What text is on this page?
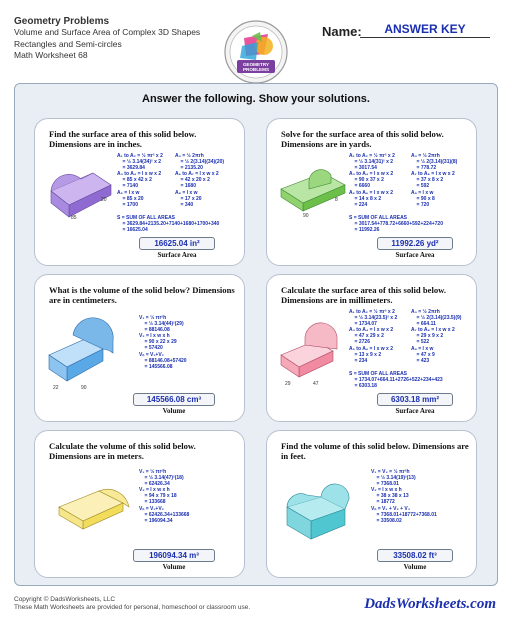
Geometry Problems
Volume and Surface Area of Complex 3D Shapes
Rectangles and Semi-circles
Math Worksheet 68
GEOMETRY
PROBLEMS
Name:	ANSWER KEY
Answer the following. Show your solutions.
Find the surface area of this solid below. Dimensions are in inches.
85
20
A₁ to A₂ = ½ πr² x 2
= ½ 3.14(34)² x 2
= 3629.84
A₃ to A₄ = l x w x 2
= 85 x 42 x 2
= 7140
A₅ = l x w
= 85 x 20
= 1700
A₃ = ½ 2πrh
= ½ 2(3.14)(34)(20)
= 2135.20
A₆ to A₇ = l x w x 2
= 42 x 20 x 2
= 1680
A₈ = l x w
= 17 x 20
= 340
S = SUM OF ALL AREAS
= 3629.84+2135.20+7140+1680+1700+340
= 16625.04
16625.04 in²
Surface Area
Solve for the surface area of this solid below. Dimensions are in yards.
90
8
A₁ to A₂ = ½ πr² x 2
= ½ 3.14(31)² x 2
= 3017.54
A₃ to A₄ = l x w x 2
= 90 x 37 x 2
= 6660
A₅ to A₆ = l x w x 2
= 14 x 8 x 2
= 224
A₃ = ½ 2πrh
= ½ 2(3.14)(31)(8)
= 778.72
A₇ to A₈ = l x w x 2
= 37 x 8 x 2
= 592
A₉ = l x w
= 90 x 8
= 720
S = SUM OF ALL AREAS
= 3017.54+778.72+6660+592+224+720
= 11992.26
11992.26 yd²
Surface Area
What is the volume of the solid below? Dimensions are in centimeters.
22	90
V₁ = ½ πr²h
= ½ 3.14(44)²(29)
= 88146.08
V₂ = l x w x h
= 90 x 22 x 29
= 57420
Vₙ = V₁+V₂
= 88146.08+57420
= 145566.08
145566.08 cm³
Volume
Calculate the surface area of this solid below. Dimensions are in millimeters.
29	47
A₁ to A₂ = ½ πr² x 2
= ½ 3.14(23.5)² x 2
= 1734.07
A₃ to A₄ = l x w x 2
= 47 x 29 x 2
= 2726
A₅ to A₆ = l x w x 2
= 13 x 9 x 2
= 234
A₃ = ½ 2πrh
= ½ 2(3.14)(23.5)(9)
= 664.11
A₇ to A₈ = l x w x 2
= 29 x 9 x 2
= 522
A₉ = l x w
= 47 x 9
= 423
S = SUM OF ALL AREAS
= 1734.07+664.11+2726+522+234+423
= 6303.18
6303.18 mm²
Surface Area
Calculate the volume of this solid below. Dimensions are in meters.
V₁ = ½ πr²h
= ½ 3.14(47)²(18)
= 62426.34
V₂ = l x w x h
= 94 x 79 x 18
= 133668
Vₙ = V₁+V₂
= 62426.34+133668
= 196094.34
196094.34 m³
Volume
Find the volume of this solid below. Dimensions are in feet.
V₁ = V₃ = ½ πr²h
= ½ 3.14(19)²(13)
= 7368.01
V₂ = l x w x h
= 38 x 38 x 13
= 18772
Vₙ = V₁ + V₂ + V₃
= 7368.01+18772+7368.01
= 33508.02
33508.02 ft³
Volume
Copyright © DadsWorksheets, LLC
These Math Worksheets are provided for personal, homeschool or classroom use.	DadsWorksheets.com
